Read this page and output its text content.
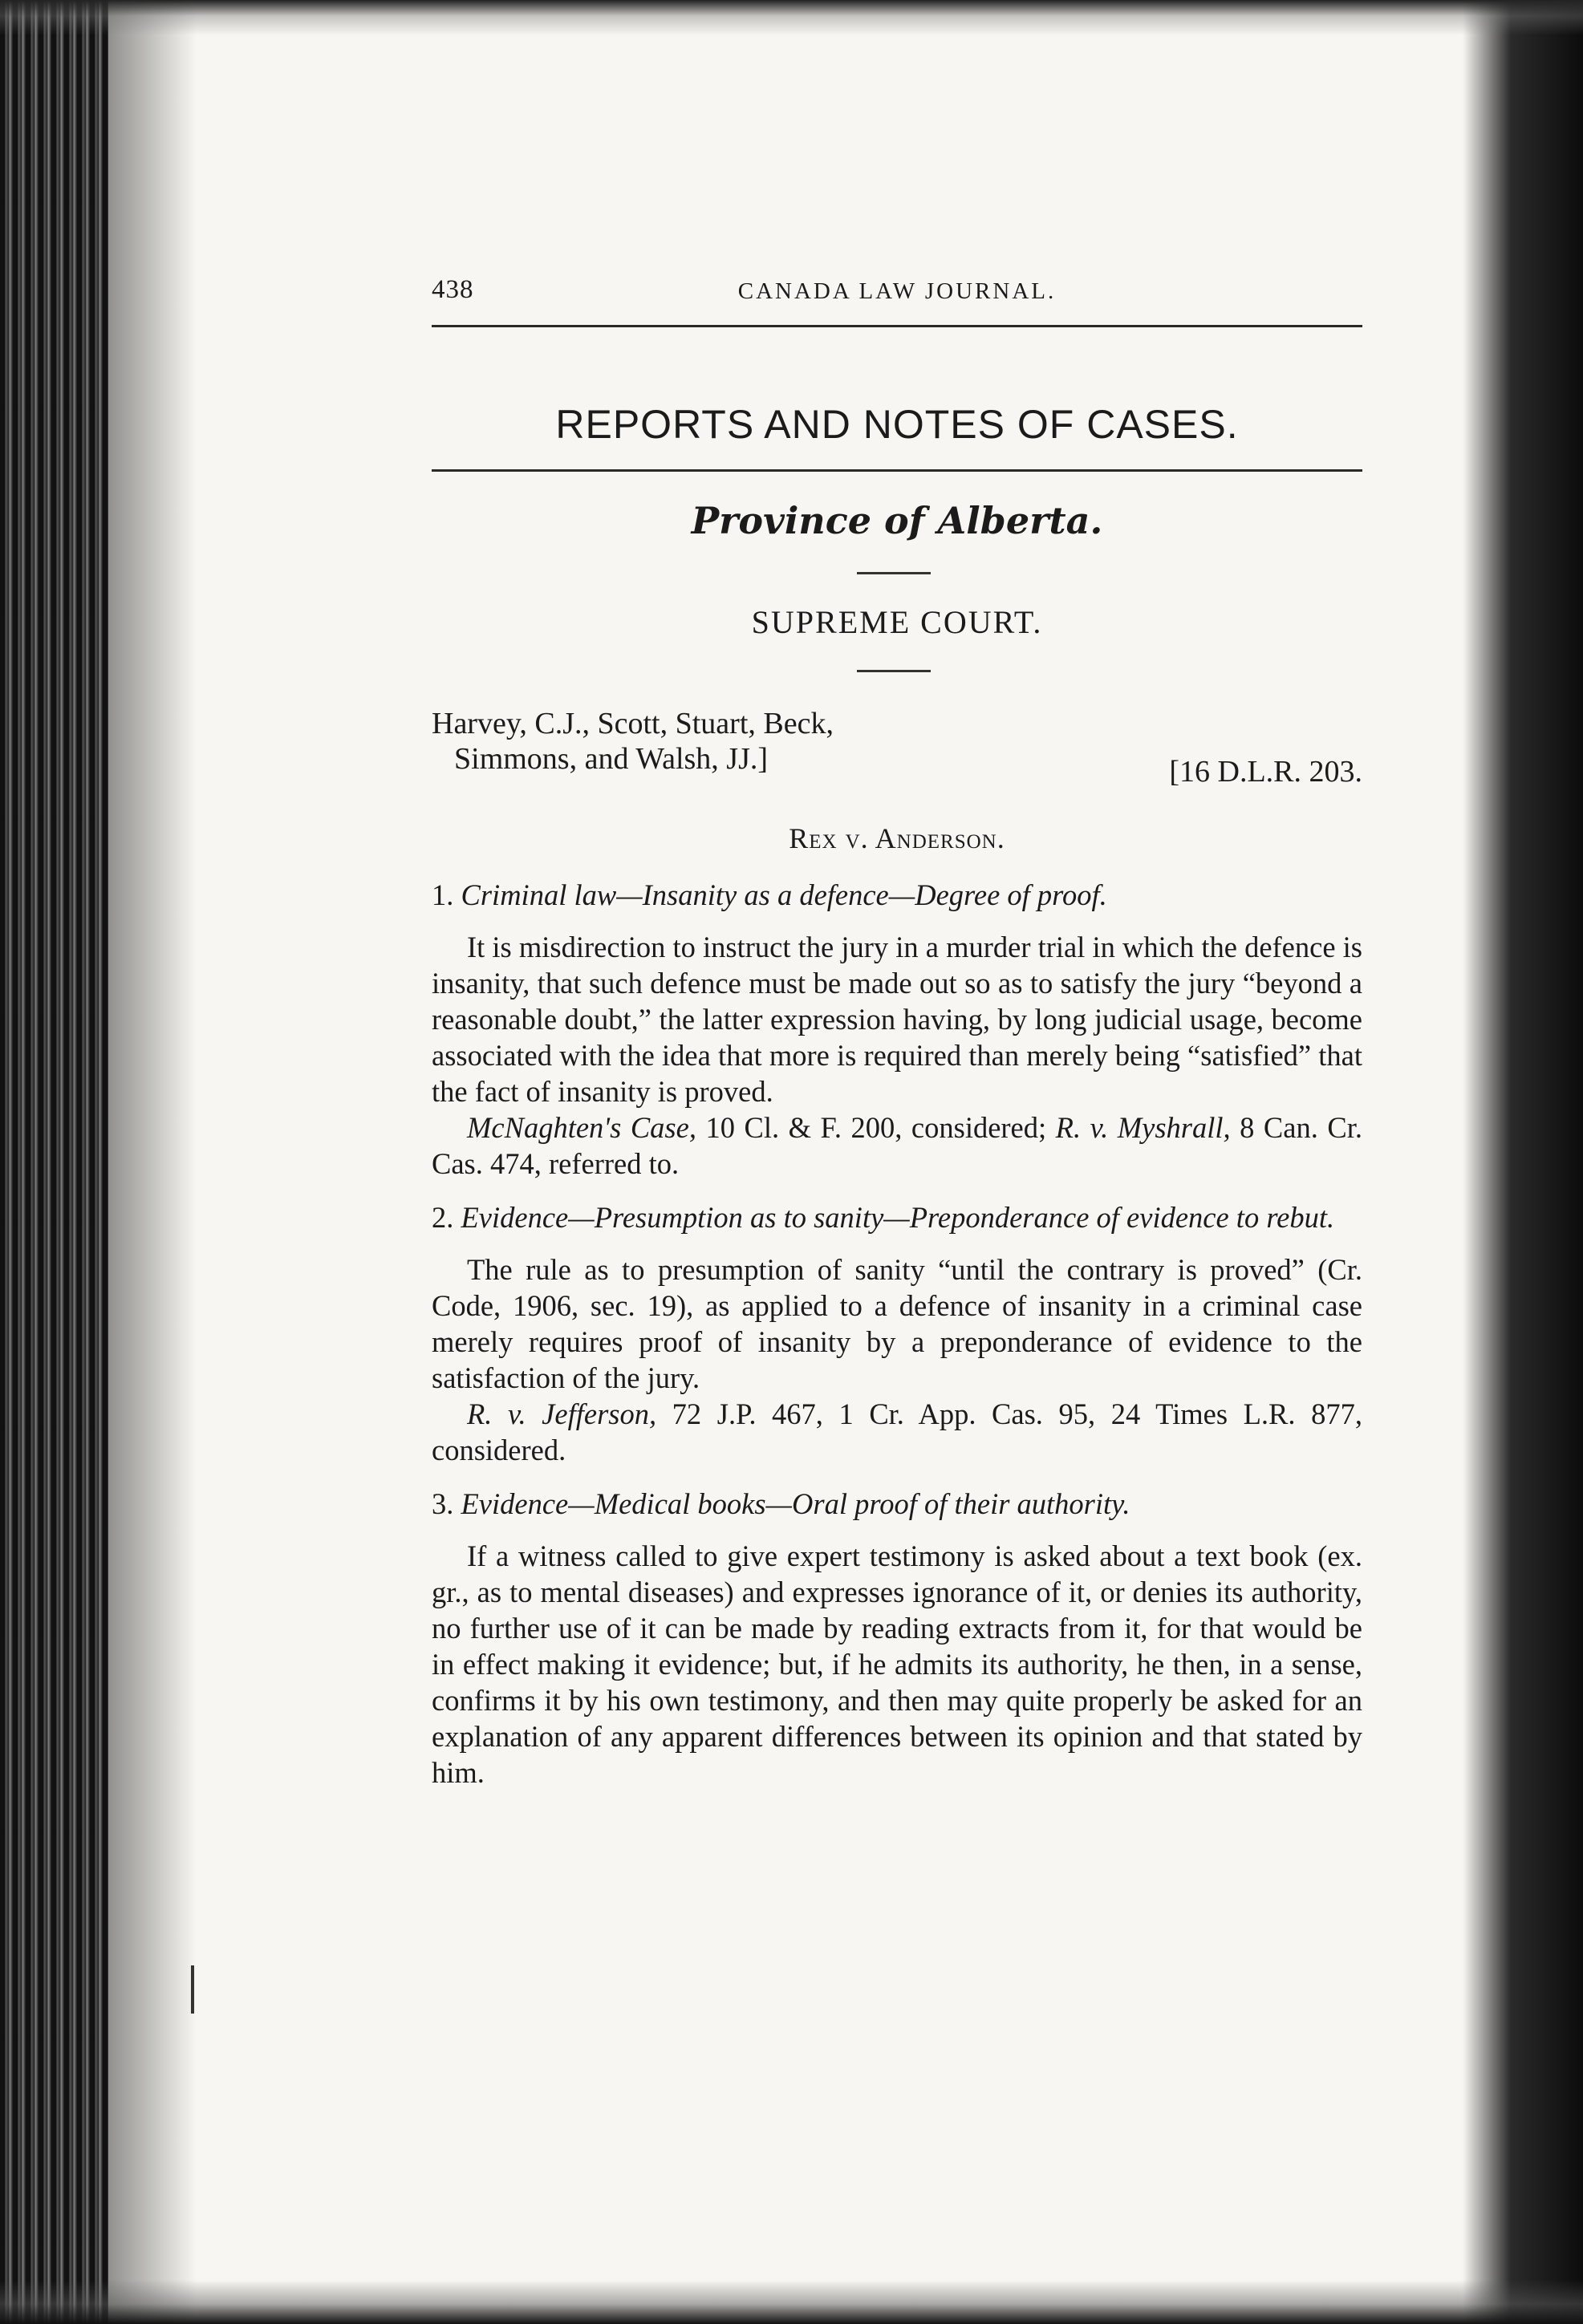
438	CANADA LAW JOURNAL.
REPORTS AND NOTES OF CASES.
Province of Alberta.
SUPREME COURT.
Harvey, C.J., Scott, Stuart, Beck,
Simmons, and Walsh, JJ.]	[16 D.L.R. 203.
Rex v. Anderson.

1. Criminal law—Insanity as a defence—Degree of proof.

It is misdirection to instruct the jury in a murder trial in which the defence is insanity, that such defence must be made out so as to satisfy the jury “beyond a reasonable doubt,” the latter expression having, by long judicial usage, become associated with the idea that more is required than merely being “satisfied” that the fact of insanity is proved.

McNaghten's Case, 10 Cl. & F. 200, considered; R. v. Myshrall, 8 Can. Cr. Cas. 474, referred to.

2. Evidence—Presumption as to sanity—Preponderance of evidence to rebut.

The rule as to presumption of sanity “until the contrary is proved” (Cr. Code, 1906, sec. 19), as applied to a defence of insanity in a criminal case merely requires proof of insanity by a preponderance of evidence to the satisfaction of the jury.

R. v. Jefferson, 72 J.P. 467, 1 Cr. App. Cas. 95, 24 Times L.R. 877, considered.

3. Evidence—Medical books—Oral proof of their authority.

If a witness called to give expert testimony is asked about a text book (ex. gr., as to mental diseases) and expresses ignorance of it, or denies its authority, no further use of it can be made by reading extracts from it, for that would be in effect making it evidence; but, if he admits its authority, he then, in a sense, confirms it by his own testimony, and then may quite properly be asked for an explanation of any apparent differences between its opinion and that stated by him.
